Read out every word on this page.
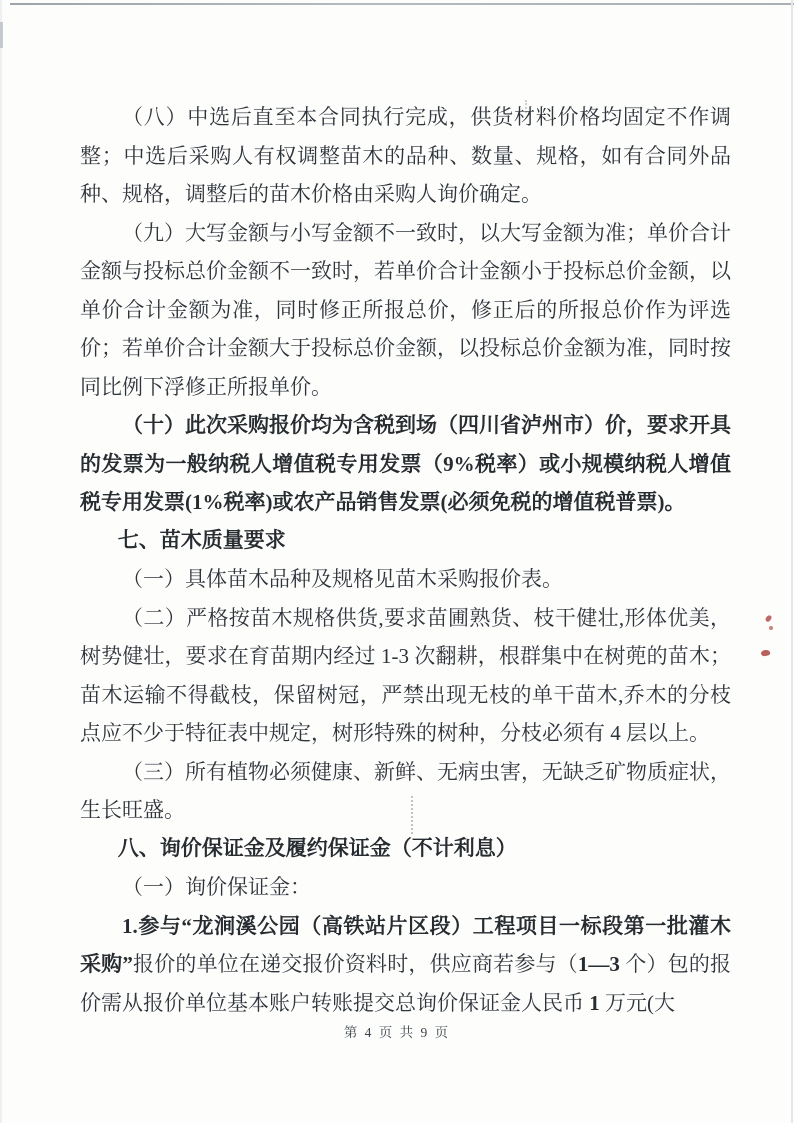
（八）中选后直至本合同执行完成，供货材料价格均固定不作调整；中选后采购人有权调整苗木的品种、数量、规格，如有合同外品种、规格，调整后的苗木价格由采购人询价确定。

（九）大写金额与小写金额不一致时，以大写金额为准；单价合计金额与投标总价金额不一致时，若单价合计金额小于投标总价金额，以单价合计金额为准，同时修正所报总价，修正后的所报总价作为评选价；若单价合计金额大于投标总价金额，以投标总价金额为准，同时按同比例下浮修正所报单价。

（十）此次采购报价均为含税到场（四川省泸州市）价，要求开具的发票为一般纳税人增值税专用发票（9%税率）或小规模纳税人增值税专用发票(1%税率)或农产品销售发票(必须免税的增值税普票)。

七、苗木质量要求

（一）具体苗木品种及规格见苗木采购报价表。

（二）严格按苗木规格供货,要求苗圃熟货、枝干健壮,形体优美，树势健壮，要求在育苗期内经过 1-3 次翻耕，根群集中在树蔸的苗木；苗木运输不得截枝，保留树冠，严禁出现无枝的单干苗木,乔木的分枝点应不少于特征表中规定，树形特殊的树种，分枝必须有 4 层以上。

（三）所有植物必须健康、新鲜、无病虫害，无缺乏矿物质症状，生长旺盛。

八、询价保证金及履约保证金（不计利息）

（一）询价保证金：

1.参与“龙涧溪公园（高铁站片区段）工程项目一标段第一批灌木采购”报价的单位在递交报价资料时，供应商若参与（1—3 个）包的报价需从报价单位基本账户转账提交总询价保证金人民币 1 万元(大

第 4 页 共 9 页
